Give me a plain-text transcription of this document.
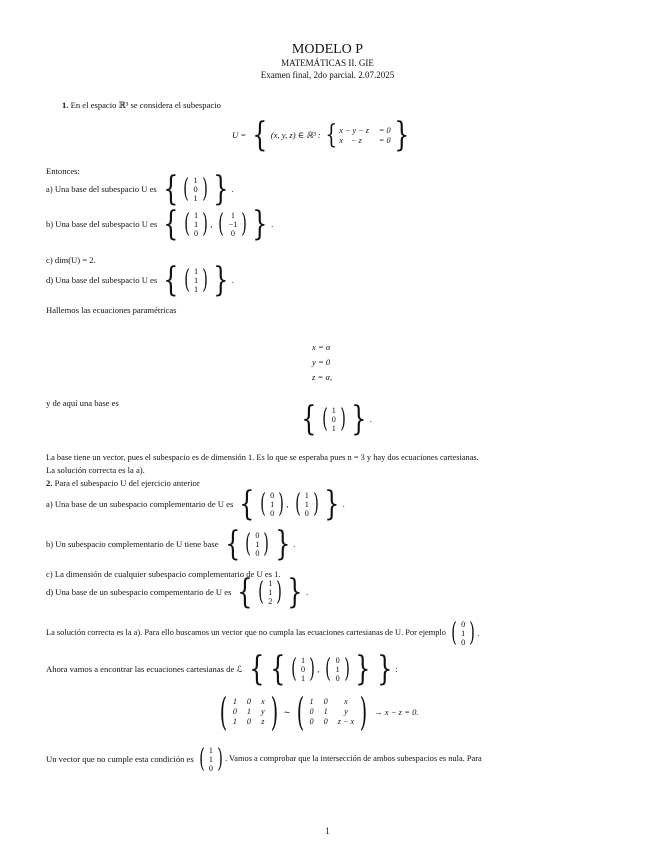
MODELO P
MATEMÁTICAS II. GIE
Examen final, 2do parcial. 2.07.2025
1. En el espacio ℝ³ se considera el subespacio
U = { (x, y, z) ∈ ℝ³ : { x − y − z = 0
x    − z	= 0 }
Entonces:
a) Una base del subespacio U es { ( 1
0
1 ) } .
b) Una base del subespacio U es { ( 1
1
0 ) , ( 1
−1
0 ) } .
c) dim(U) = 2.
d) Una base del subespacio U es { ( 1
1
1 ) } .
Hallemos las ecuaciones paramétricas
x = α
y = 0
z = α,
y de aquí una base es	{ ( 1
0
1 ) } .
La base tiene un vector, pues el subespacio es de dimensión 1. Es lo que se esperaba pues n = 3 y hay dos ecuaciones cartesianas.
La solución correcta es la a).
2. Para el subespacio U del ejercicio anterior
a) Una base de un subespacio complementario de U es { ( 0
1
0 ) , ( 1
1
0 ) } .
b) Un subespacio complementario de U tiene base { ( 0
1
0 ) } .
c) La dimensión de cualquier subespacio complementario de U es 1.
d) Una base de un subespacio compementario de U es { ( 1
1
2 ) } .
La solución correcta es la a). Para ello buscamos un vector que no cumpla las ecuaciones cartesianas de U. Por ejemplo ( 0
1
0 ) .
Ahora vamos a encontrar las ecuaciones cartesianas de ℒ { { ( 1
0
1 ) , ( 0
1
0 ) } } :
( 1 0 x
0 1 y
1 0 z ) ∼ ( 1 0	x
0 1	y
0 0 z − x ) → x − z = 0.
Un vector que no cumple esta condición es ( 1
1
0 ) . Vamos a comprobar que la intersección de ambos subespacios es nula. Para
1
